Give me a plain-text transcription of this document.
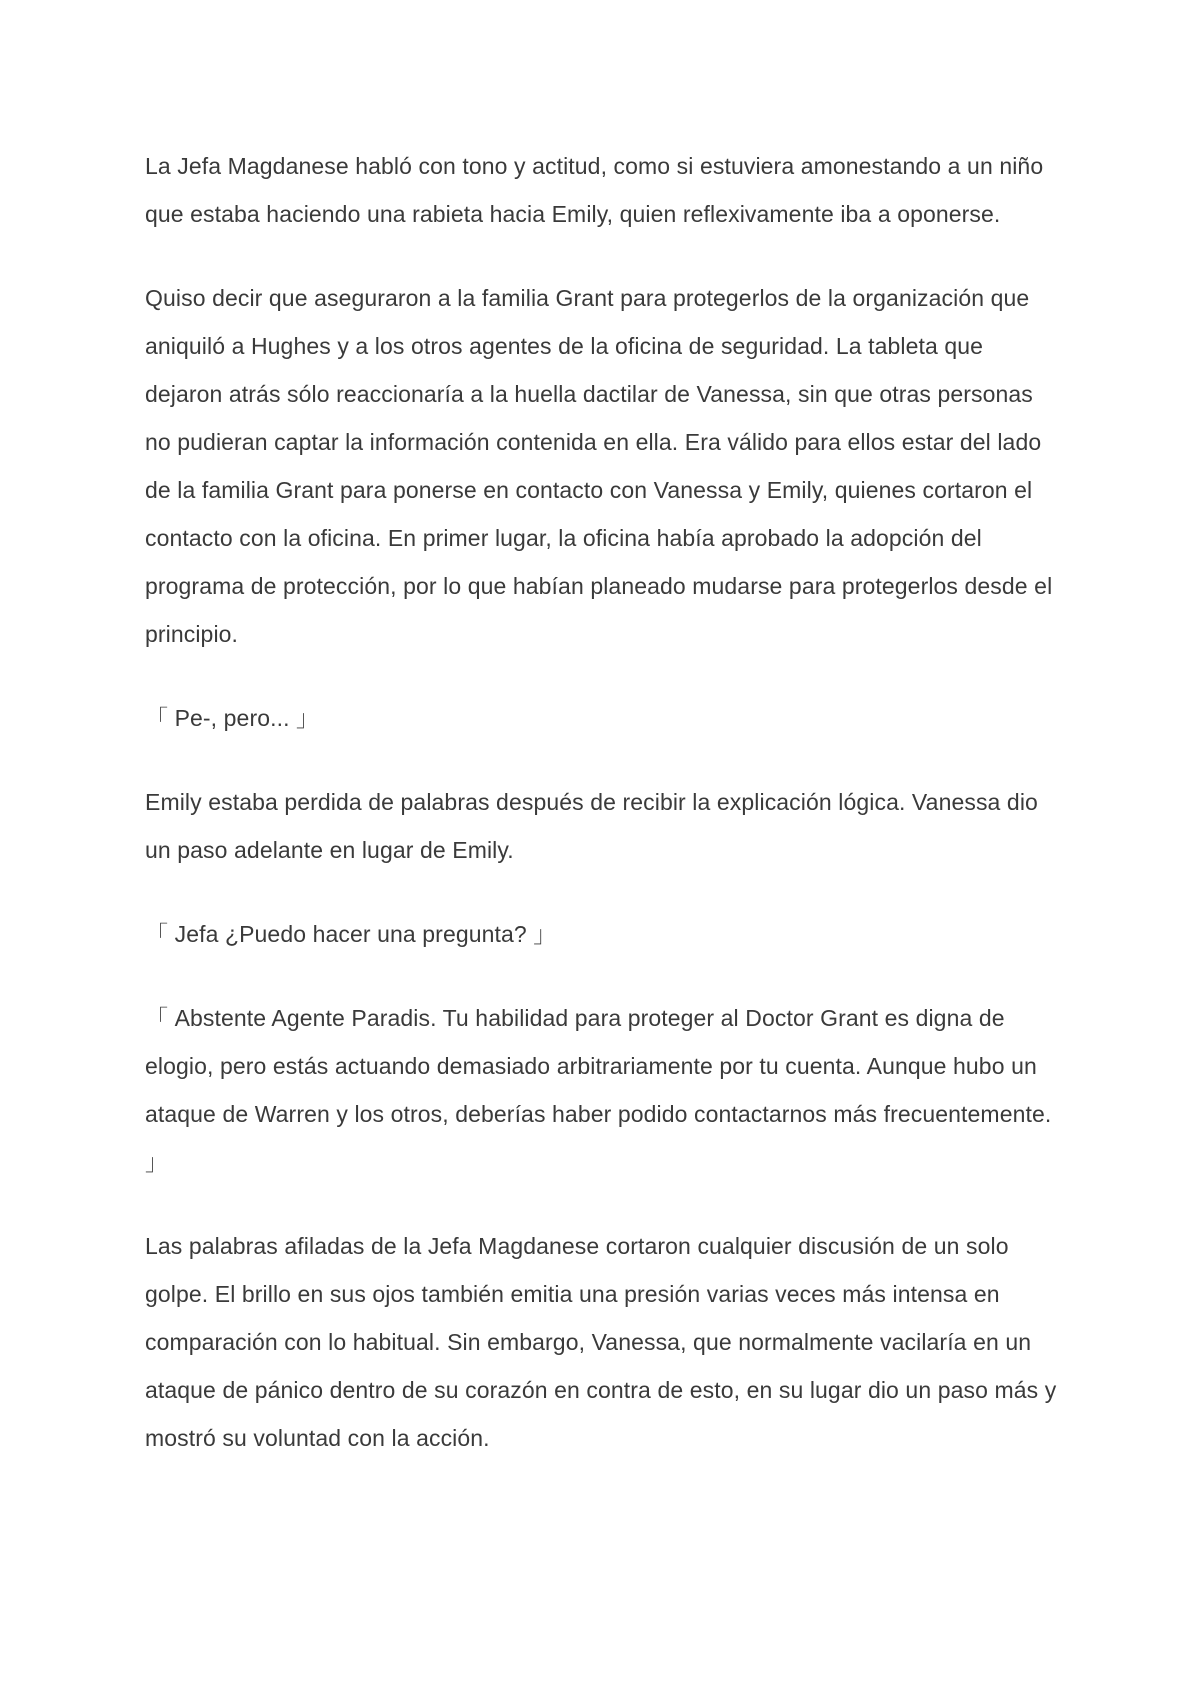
La Jefa Magdanese habló con tono y actitud, como si estuviera amonestando a un niño que estaba haciendo una rabieta hacia Emily, quien reflexivamente iba a oponerse.

Quiso decir que aseguraron a la familia Grant para protegerlos de la organización que aniquiló a Hughes y a los otros agentes de la oficina de seguridad. La tableta que dejaron atrás sólo reaccionaría a la huella dactilar de Vanessa, sin que otras personas no pudieran captar la información contenida en ella. Era válido para ellos estar del lado de la familia Grant para ponerse en contacto con Vanessa y Emily, quienes cortaron el contacto con la oficina. En primer lugar, la oficina había aprobado la adopción del programa de protección, por lo que habían planeado mudarse para protegerlos desde el principio.

「 Pe-, pero... 」

Emily estaba perdida de palabras después de recibir la explicación lógica. Vanessa dio un paso adelante en lugar de Emily.

「 Jefa ¿Puedo hacer una pregunta? 」

「 Abstente Agente Paradis. Tu habilidad para proteger al Doctor Grant es digna de elogio, pero estás actuando demasiado arbitrariamente por tu cuenta. Aunque hubo un ataque de Warren y los otros, deberías haber podido contactarnos más frecuentemente. 」

Las palabras afiladas de la Jefa Magdanese cortaron cualquier discusión de un solo golpe. El brillo en sus ojos también emitia una presión varias veces más intensa en comparación con lo habitual. Sin embargo, Vanessa, que normalmente vacilaría en un ataque de pánico dentro de su corazón en contra de esto, en su lugar dio un paso más y mostró su voluntad con la acción.
